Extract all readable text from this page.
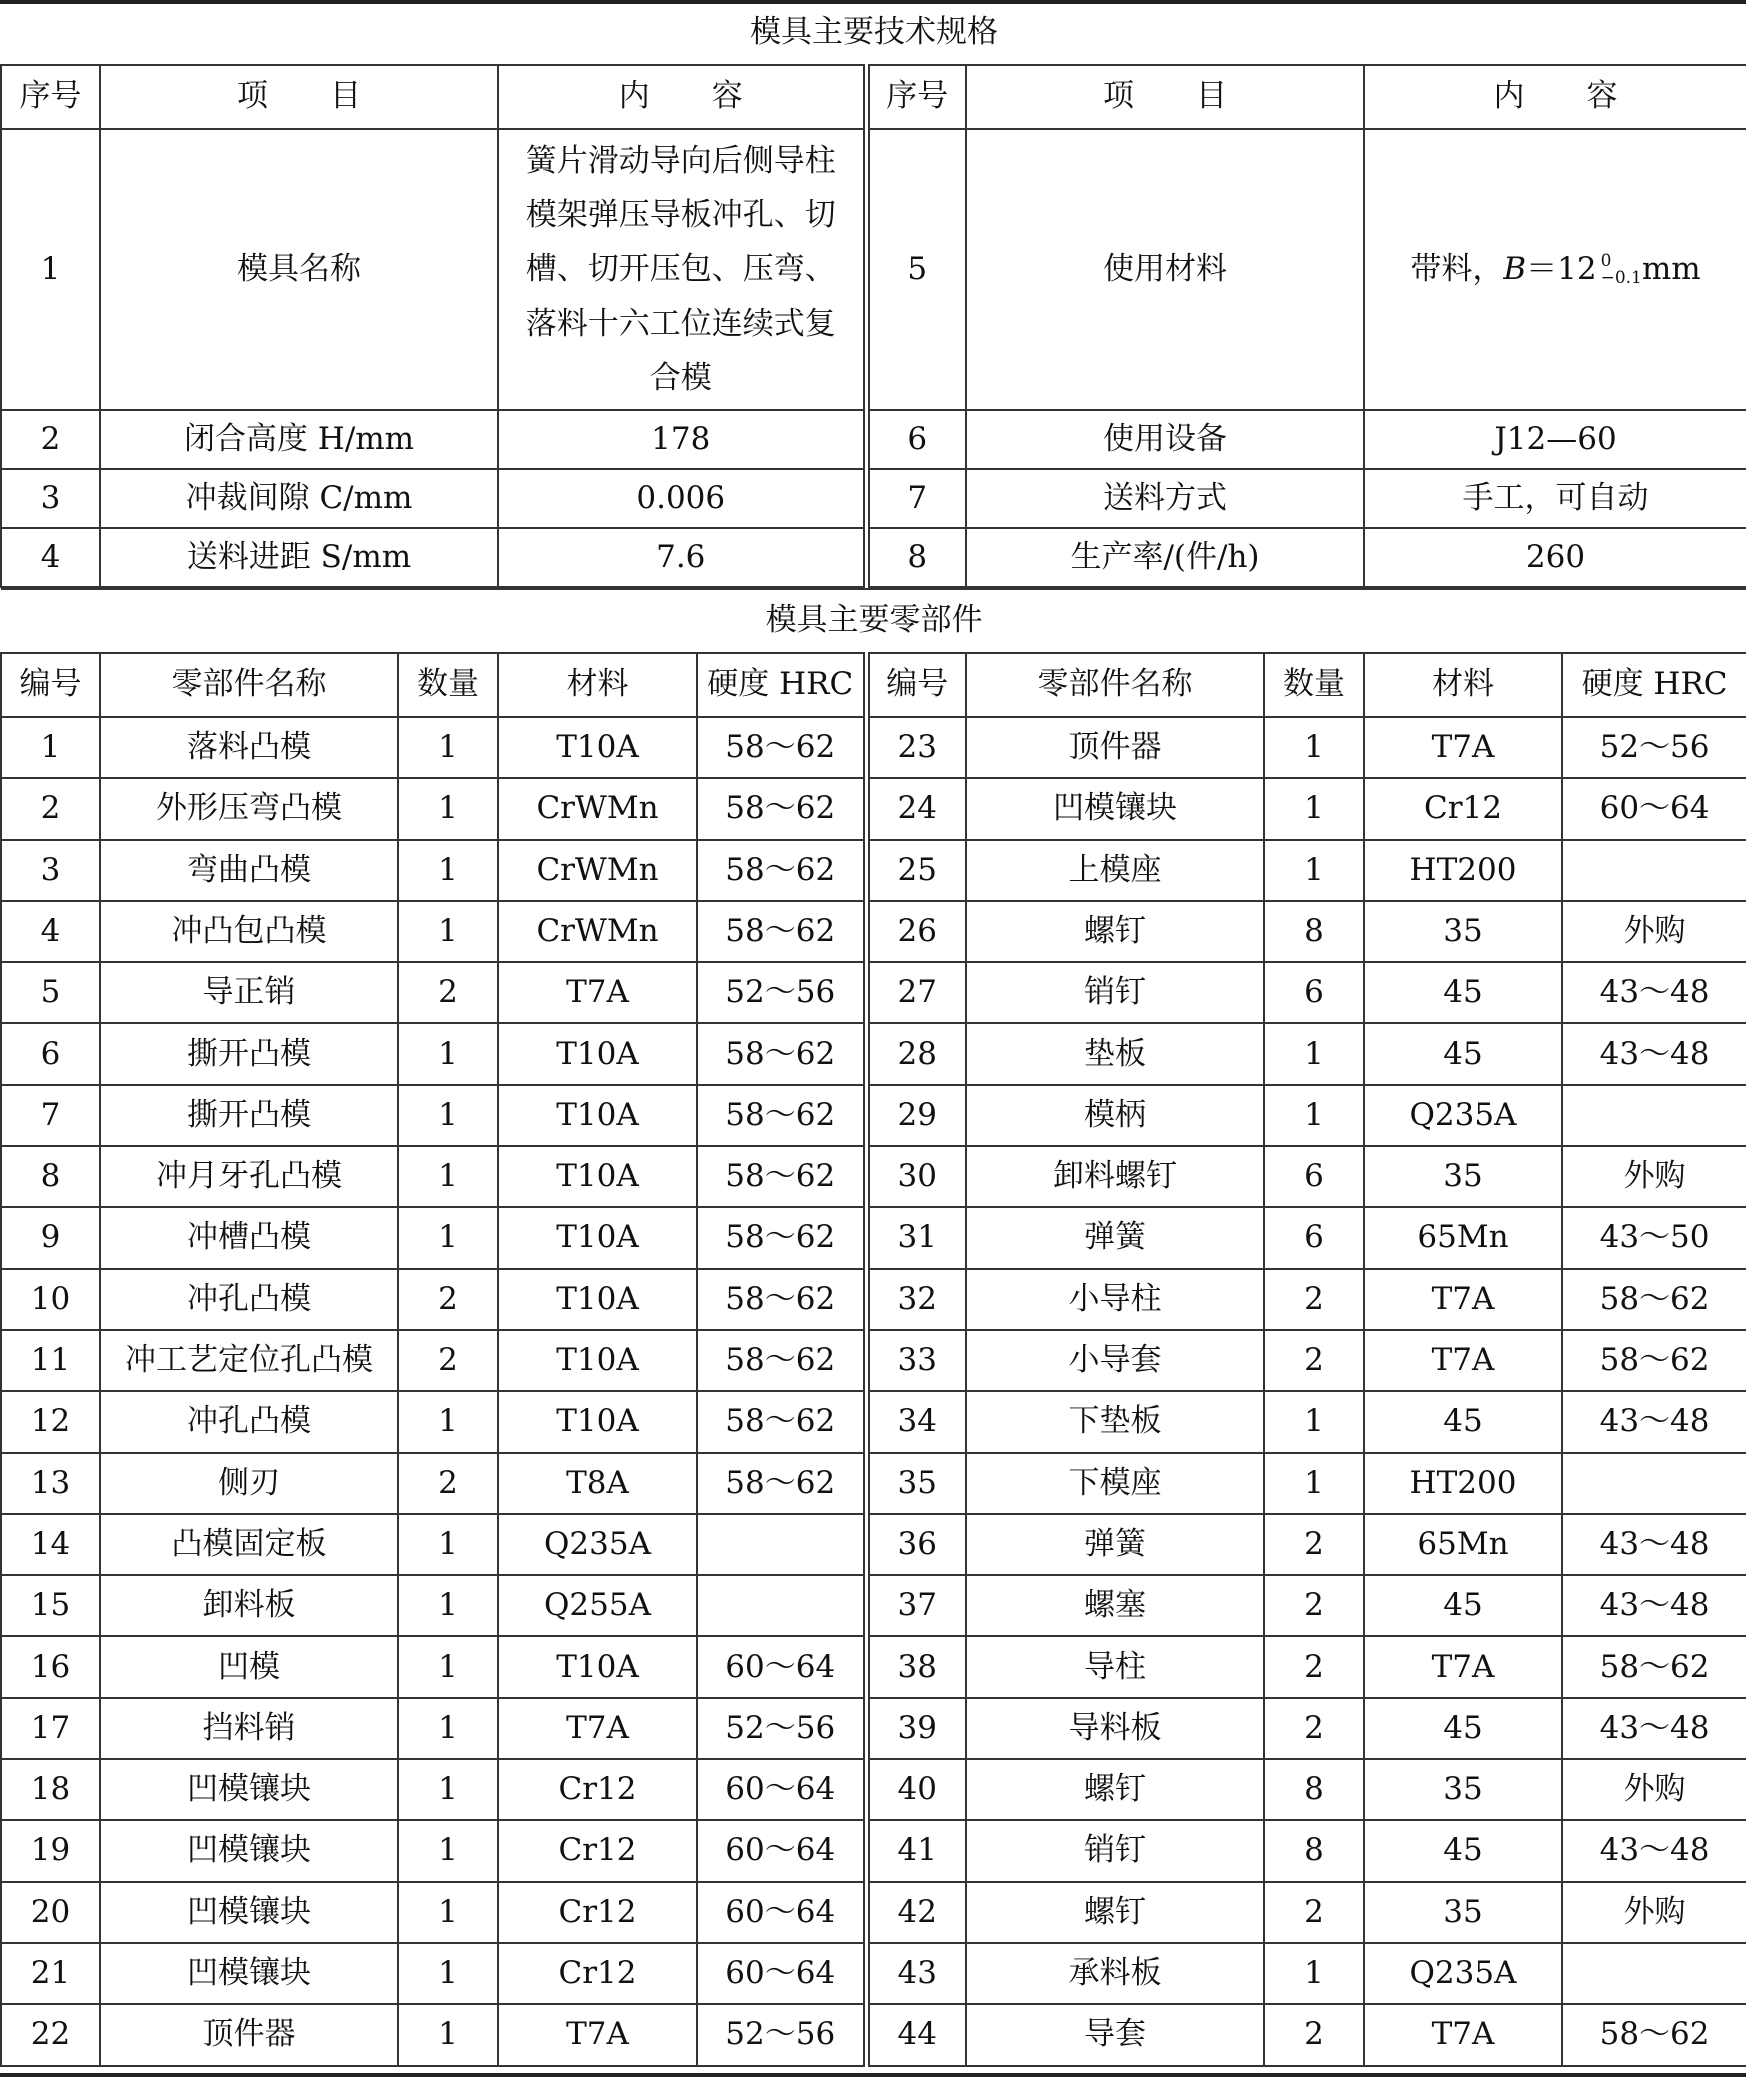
模具主要技术规格					
序号	项　　目	内　　容	序号	项　　目	内　　容
1	模具名称	簧片滑动导向后侧导柱模架弹压导板冲孔、切槽、切开压包、压弯、落料十六工位连续式复合模	5	使用材料	带料，B＝12 0
−0.1 mm
2	闭合高度 H/mm	178	6	使用设备	J12—60
3	冲裁间隙 C/mm	0.006	7	送料方式	手工，可自动
4	送料进距 S/mm	7.6	8	生产率/(件/h)	260
模具主要零部件									
编号	零部件名称	数量	材料	硬度 HRC	编号	零部件名称	数量	材料	硬度 HRC
1	落料凸模	1	T10A	58～62	23	顶件器	1	T7A	52～56
2	外形压弯凸模	1	CrWMn	58～62	24	凹模镶块	1	Cr12	60～64
3	弯曲凸模	1	CrWMn	58～62	25	上模座	1	HT200	
4	冲凸包凸模	1	CrWMn	58～62	26	螺钉	8	35	外购
5	导正销	2	T7A	52～56	27	销钉	6	45	43～48
6	撕开凸模	1	T10A	58～62	28	垫板	1	45	43～48
7	撕开凸模	1	T10A	58～62	29	模柄	1	Q235A	
8	冲月牙孔凸模	1	T10A	58～62	30	卸料螺钉	6	35	外购
9	冲槽凸模	1	T10A	58～62	31	弹簧	6	65Mn	43～50
10	冲孔凸模	2	T10A	58～62	32	小导柱	2	T7A	58～62
11	冲工艺定位孔凸模	2	T10A	58～62	33	小导套	2	T7A	58～62
12	冲孔凸模	1	T10A	58～62	34	下垫板	1	45	43～48
13	侧刃	2	T8A	58～62	35	下模座	1	HT200	
14	凸模固定板	1	Q235A		36	弹簧	2	65Mn	43～48
15	卸料板	1	Q255A		37	螺塞	2	45	43～48
16	凹模	1	T10A	60～64	38	导柱	2	T7A	58～62
17	挡料销	1	T7A	52～56	39	导料板	2	45	43～48
18	凹模镶块	1	Cr12	60～64	40	螺钉	8	35	外购
19	凹模镶块	1	Cr12	60～64	41	销钉	8	45	43～48
20	凹模镶块	1	Cr12	60～64	42	螺钉	2	35	外购
21	凹模镶块	1	Cr12	60～64	43	承料板	1	Q235A	
22	顶件器	1	T7A	52～56	44	导套	2	T7A	58～62
